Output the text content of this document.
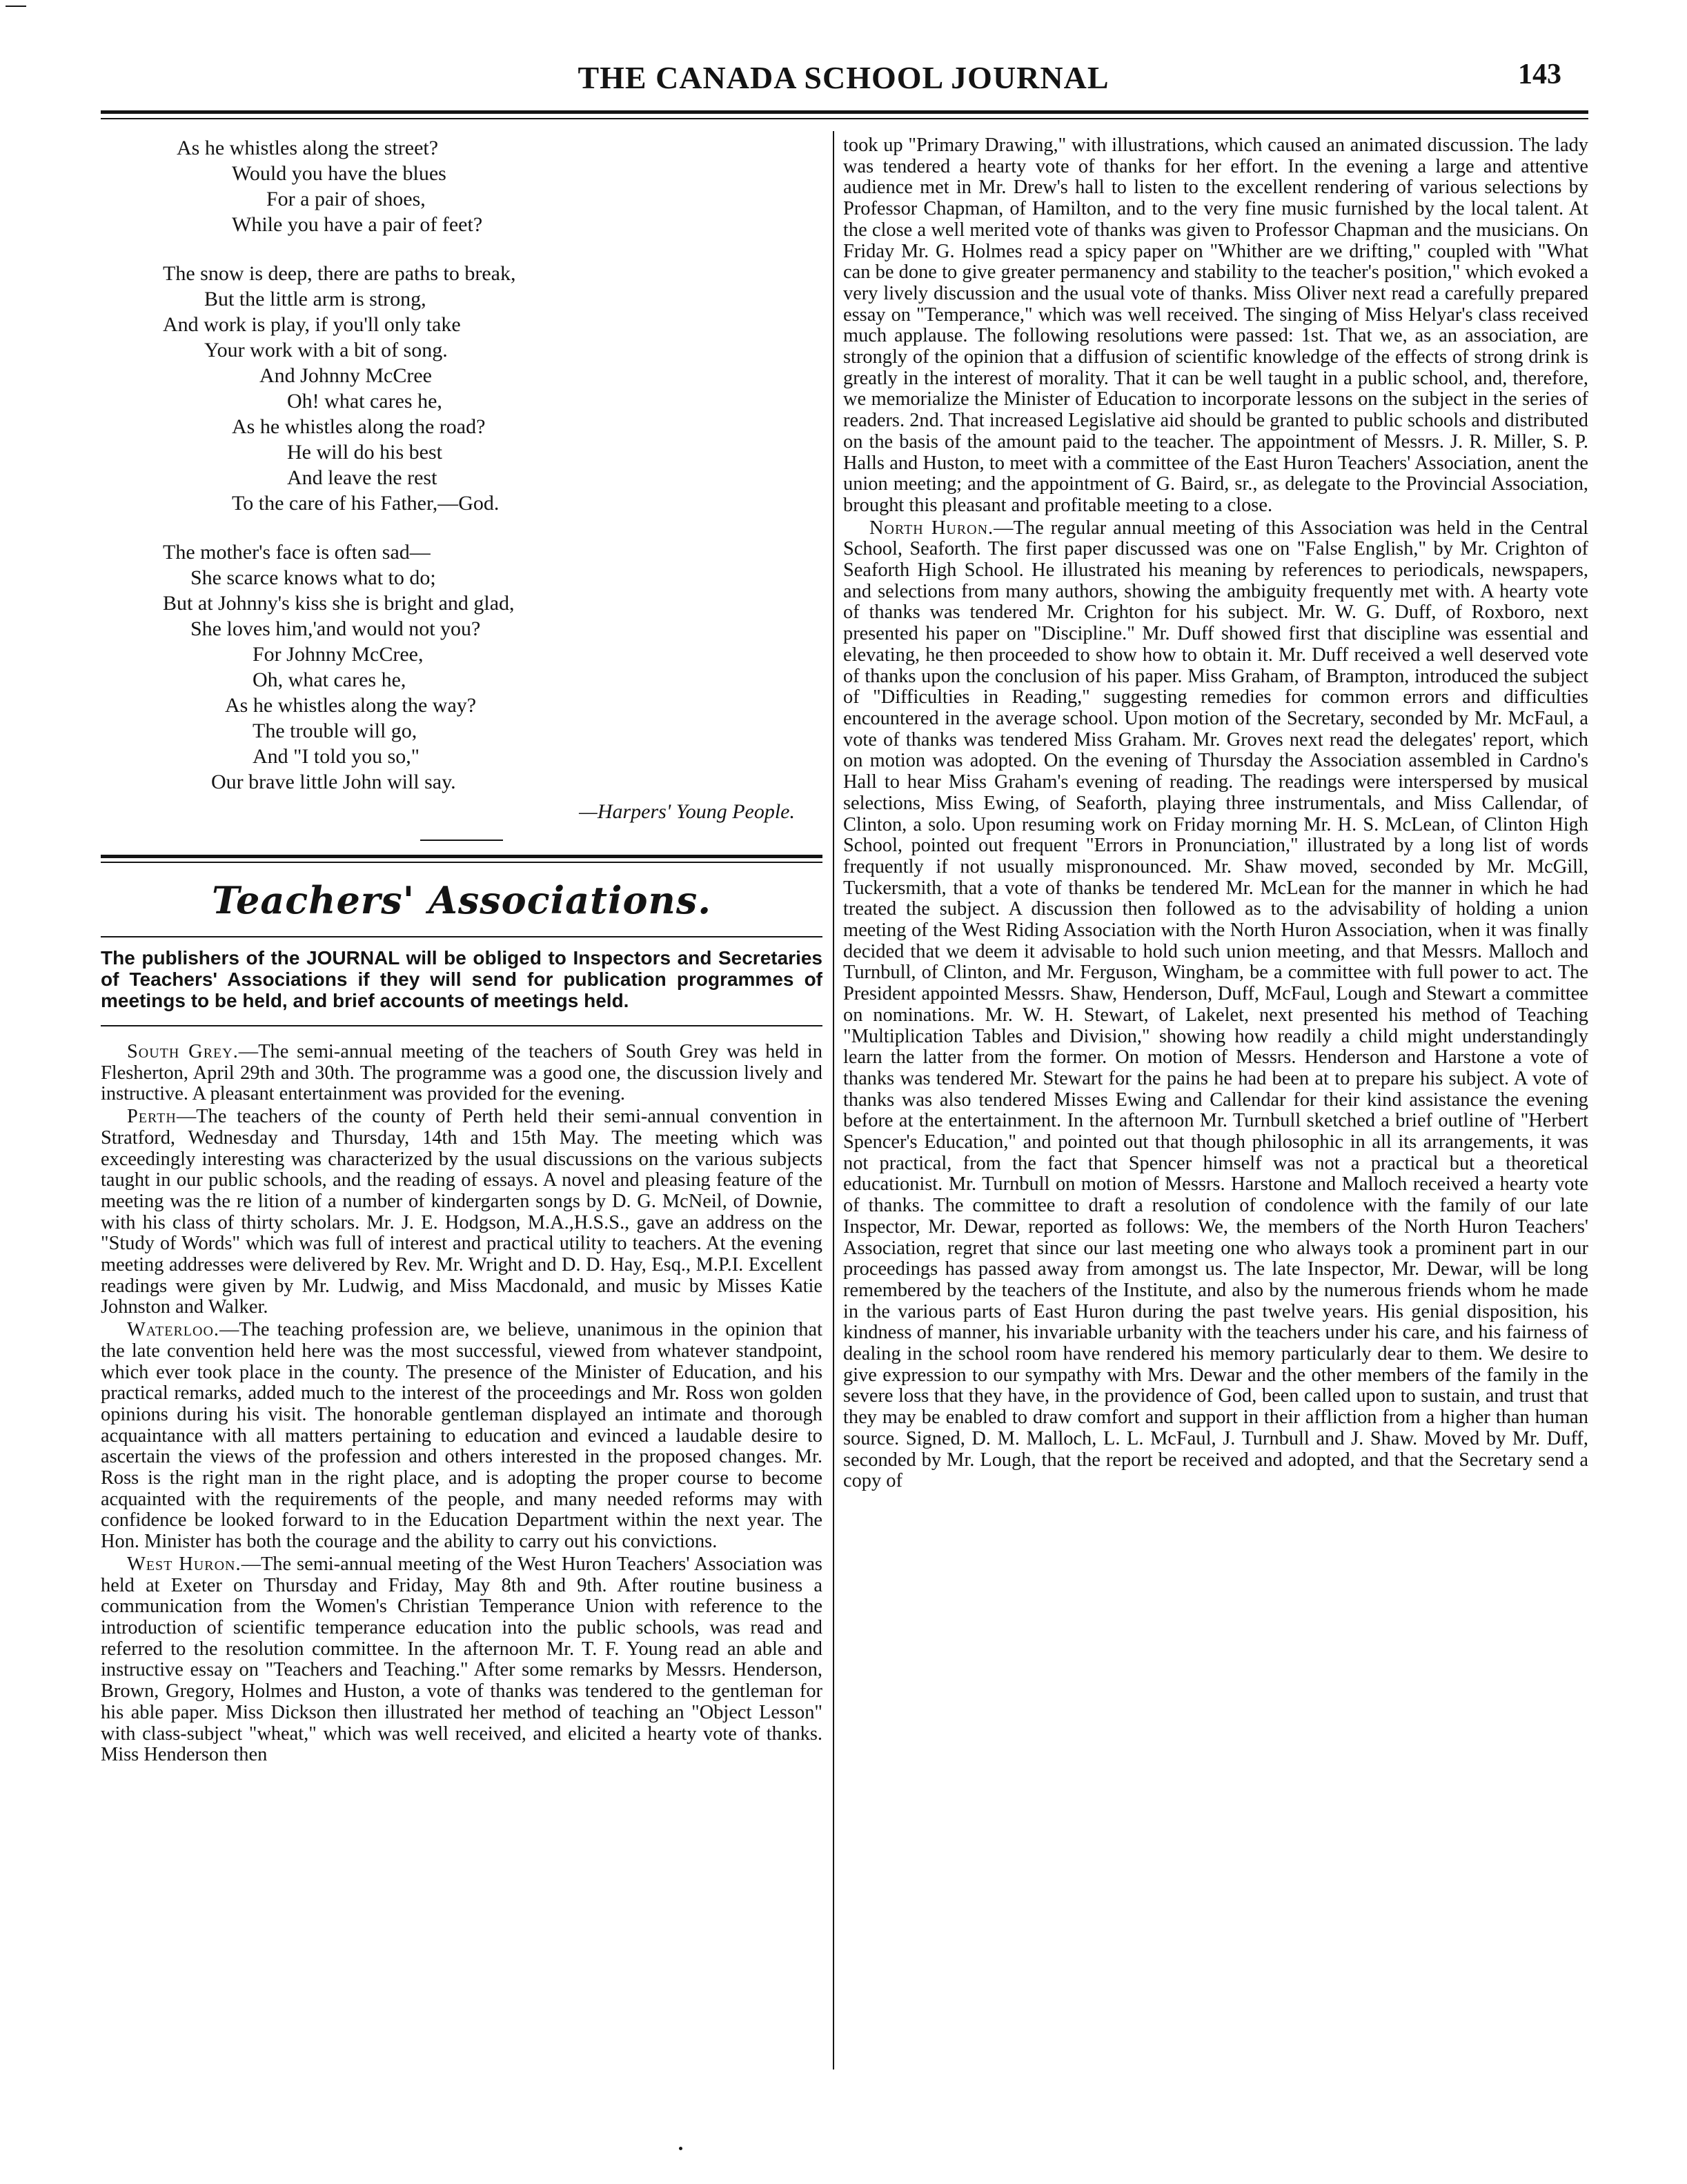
THE CANADA SCHOOL JOURNAL	143
As he whistles along the street?
Would you have the blues
For a pair of shoes,
While you have a pair of feet?
The snow is deep, there are paths to break,
But the little arm is strong,
And work is play, if you'll only take
Your work with a bit of song.
And Johnny McCree
Oh! what cares he,
As he whistles along the road?
He will do his best
And leave the rest
To the care of his Father,—God.
The mother's face is often sad—
She scarce knows what to do;
But at Johnny's kiss she is bright and glad,
She loves him,'and would not you?
For Johnny McCree,
Oh, what cares he,
As he whistles along the way?
The trouble will go,
And "I told you so,"
Our brave little John will say.
—Harpers' Young People.
Teachers' Associations.
The publishers of the JOURNAL will be obliged to Inspectors and Secretaries of Teachers' Associations if they will send for publication programmes of meetings to be held, and brief accounts of meetings held.

South Grey.—The semi-annual meeting of the teachers of South Grey was held in Flesherton, April 29th and 30th. The programme was a good one, the discussion lively and instructive. A pleasant entertainment was provided for the evening.

Perth—The teachers of the county of Perth held their semi-annual convention in Stratford, Wednesday and Thursday, 14th and 15th May. The meeting which was exceedingly interesting was characterized by the usual discussions on the various subjects taught in our public schools, and the reading of essays. A novel and pleasing feature of the meeting was the re lition of a number of kindergarten songs by D. G. McNeil, of Downie, with his class of thirty scholars. Mr. J. E. Hodgson, M.A.,H.S.S., gave an address on the "Study of Words" which was full of interest and practical utility to teachers. At the evening meeting addresses were delivered by Rev. Mr. Wright and D. D. Hay, Esq., M.P.I. Excellent readings were given by Mr. Ludwig, and Miss Macdonald, and music by Misses Katie Johnston and Walker.

Waterloo.—The teaching profession are, we believe, unanimous in the opinion that the late convention held here was the most successful, viewed from whatever standpoint, which ever took place in the county. The presence of the Minister of Education, and his practical remarks, added much to the interest of the proceedings and Mr. Ross won golden opinions during his visit. The honorable gentleman displayed an intimate and thorough acquaintance with all matters pertaining to education and evinced a laudable desire to ascertain the views of the profession and others interested in the proposed changes. Mr. Ross is the right man in the right place, and is adopting the proper course to become acquainted with the requirements of the people, and many needed reforms may with confidence be looked forward to in the Education Department within the next year. The Hon. Minister has both the courage and the ability to carry out his convictions.

West Huron.—The semi-annual meeting of the West Huron Teachers' Association was held at Exeter on Thursday and Friday, May 8th and 9th. After routine business a communication from the Women's Christian Temperance Union with reference to the introduction of scientific temperance education into the public schools, was read and referred to the resolution committee. In the afternoon Mr. T. F. Young read an able and instructive essay on "Teachers and Teaching." After some remarks by Messrs. Henderson, Brown, Gregory, Holmes and Huston, a vote of thanks was tendered to the gentleman for his able paper. Miss Dickson then illustrated her method of teaching an "Object Lesson" with class-subject "wheat," which was well received, and elicited a hearty vote of thanks. Miss Henderson then

took up "Primary Drawing," with illustrations, which caused an animated discussion. The lady was tendered a hearty vote of thanks for her effort. In the evening a large and attentive audience met in Mr. Drew's hall to listen to the excellent rendering of various selections by Professor Chapman, of Hamilton, and to the very fine music furnished by the local talent. At the close a well merited vote of thanks was given to Professor Chapman and the musicians. On Friday Mr. G. Holmes read a spicy paper on "Whither are we drifting," coupled with "What can be done to give greater permanency and stability to the teacher's position," which evoked a very lively discussion and the usual vote of thanks. Miss Oliver next read a carefully prepared essay on "Temperance," which was well received. The singing of Miss Helyar's class received much applause. The following resolutions were passed: 1st. That we, as an association, are strongly of the opinion that a diffusion of scientific knowledge of the effects of strong drink is greatly in the interest of morality. That it can be well taught in a public school, and, therefore, we memorialize the Minister of Education to incorporate lessons on the subject in the series of readers. 2nd. That increased Legislative aid should be granted to public schools and distributed on the basis of the amount paid to the teacher. The appointment of Messrs. J. R. Miller, S. P. Halls and Huston, to meet with a committee of the East Huron Teachers' Association, anent the union meeting; and the appointment of G. Baird, sr., as delegate to the Provincial Association, brought this pleasant and profitable meeting to a close.

North Huron.—The regular annual meeting of this Association was held in the Central School, Seaforth. The first paper discussed was one on "False English," by Mr. Crighton of Seaforth High School. He illustrated his meaning by references to periodicals, newspapers, and selections from many authors, showing the ambiguity frequently met with. A hearty vote of thanks was tendered Mr. Crighton for his subject. Mr. W. G. Duff, of Roxboro, next presented his paper on "Discipline." Mr. Duff showed first that discipline was essential and elevating, he then proceeded to show how to obtain it. Mr. Duff received a well deserved vote of thanks upon the conclusion of his paper. Miss Graham, of Brampton, introduced the subject of "Difficulties in Reading," suggesting remedies for common errors and difficulties encountered in the average school. Upon motion of the Secretary, seconded by Mr. McFaul, a vote of thanks was tendered Miss Graham. Mr. Groves next read the delegates' report, which on motion was adopted. On the evening of Thursday the Association assembled in Cardno's Hall to hear Miss Graham's evening of reading. The readings were interspersed by musical selections, Miss Ewing, of Seaforth, playing three instrumentals, and Miss Callendar, of Clinton, a solo. Upon resuming work on Friday morning Mr. H. S. McLean, of Clinton High School, pointed out frequent "Errors in Pronunciation," illustrated by a long list of words frequently if not usually mispronounced. Mr. Shaw moved, seconded by Mr. McGill, Tuckersmith, that a vote of thanks be tendered Mr. McLean for the manner in which he had treated the subject. A discussion then followed as to the advisability of holding a union meeting of the West Riding Association with the North Huron Association, when it was finally decided that we deem it advisable to hold such union meeting, and that Messrs. Malloch and Turnbull, of Clinton, and Mr. Ferguson, Wingham, be a committee with full power to act. The President appointed Messrs. Shaw, Henderson, Duff, McFaul, Lough and Stewart a committee on nominations. Mr. W. H. Stewart, of Lakelet, next presented his method of Teaching "Multiplication Tables and Division," showing how readily a child might understandingly learn the latter from the former. On motion of Messrs. Henderson and Harstone a vote of thanks was tendered Mr. Stewart for the pains he had been at to prepare his subject. A vote of thanks was also tendered Misses Ewing and Callendar for their kind assistance the evening before at the entertainment. In the afternoon Mr. Turnbull sketched a brief outline of "Herbert Spencer's Education," and pointed out that though philosophic in all its arrangements, it was not practical, from the fact that Spencer himself was not a practical but a theoretical educationist. Mr. Turnbull on motion of Messrs. Harstone and Malloch received a hearty vote of thanks. The committee to draft a resolution of condolence with the family of our late Inspector, Mr. Dewar, reported as follows: We, the members of the North Huron Teachers' Association, regret that since our last meeting one who always took a prominent part in our proceedings has passed away from amongst us. The late Inspector, Mr. Dewar, will be long remembered by the teachers of the Institute, and also by the numerous friends whom he made in the various parts of East Huron during the past twelve years. His genial disposition, his kindness of manner, his invariable urbanity with the teachers under his care, and his fairness of dealing in the school room have rendered his memory particularly dear to them. We desire to give expression to our sympathy with Mrs. Dewar and the other members of the family in the severe loss that they have, in the providence of God, been called upon to sustain, and trust that they may be enabled to draw comfort and support in their affliction from a higher than human source. Signed, D. M. Malloch, L. L. McFaul, J. Turnbull and J. Shaw. Moved by Mr. Duff, seconded by Mr. Lough, that the report be received and adopted, and that the Secretary send a copy of
